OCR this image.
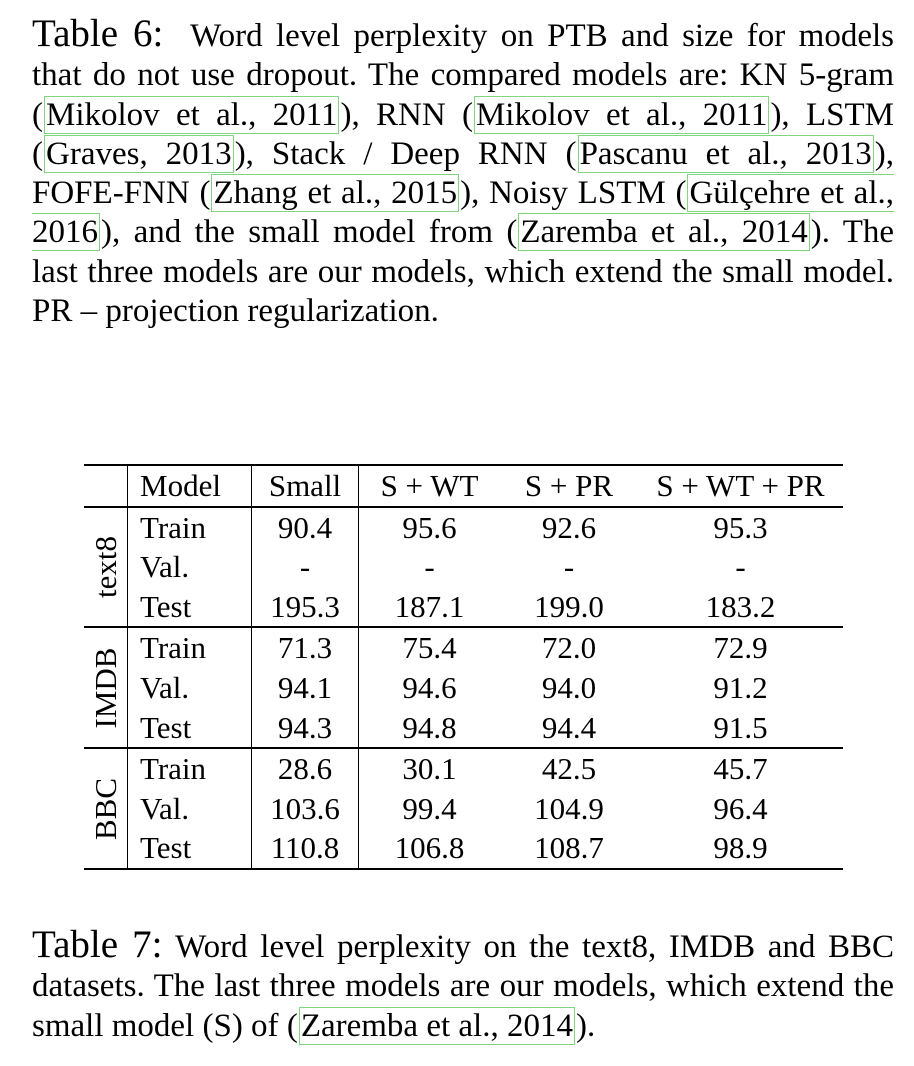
Table 6: Word level perplexity on PTB and size for models that do not use dropout. The compared models are: KN 5-gram (Mikolov et al., 2011), RNN (Mikolov et al., 2011), LSTM (Graves, 2013), Stack / Deep RNN (Pascanu et al., 2013), FOFE-FNN (Zhang et al., 2015), Noisy LSTM (Gülçehre et al., 2016), and the small model from (Zaremba et al., 2014). The last three models are our models, which extend the small model. PR – projection regularization.
	Model	Small	S + WT	S + PR	S + WT + PR

text8	Train	90.4	95.6	92.6	95.3
	Val.	-	-	-	-
	Test	195.3	187.1	199.0	183.2

IMDB	Train	71.3	75.4	72.0	72.9
	Val.	94.1	94.6	94.0	91.2
	Test	94.3	94.8	94.4	91.5

BBC	Train	28.6	30.1	42.5	45.7
	Val.	103.6	99.4	104.9	96.4
	Test	110.8	106.8	108.7	98.9
Table 7: Word level perplexity on the text8, IMDB and BBC datasets. The last three models are our models, which extend the small model (S) of (Zaremba et al., 2014).
